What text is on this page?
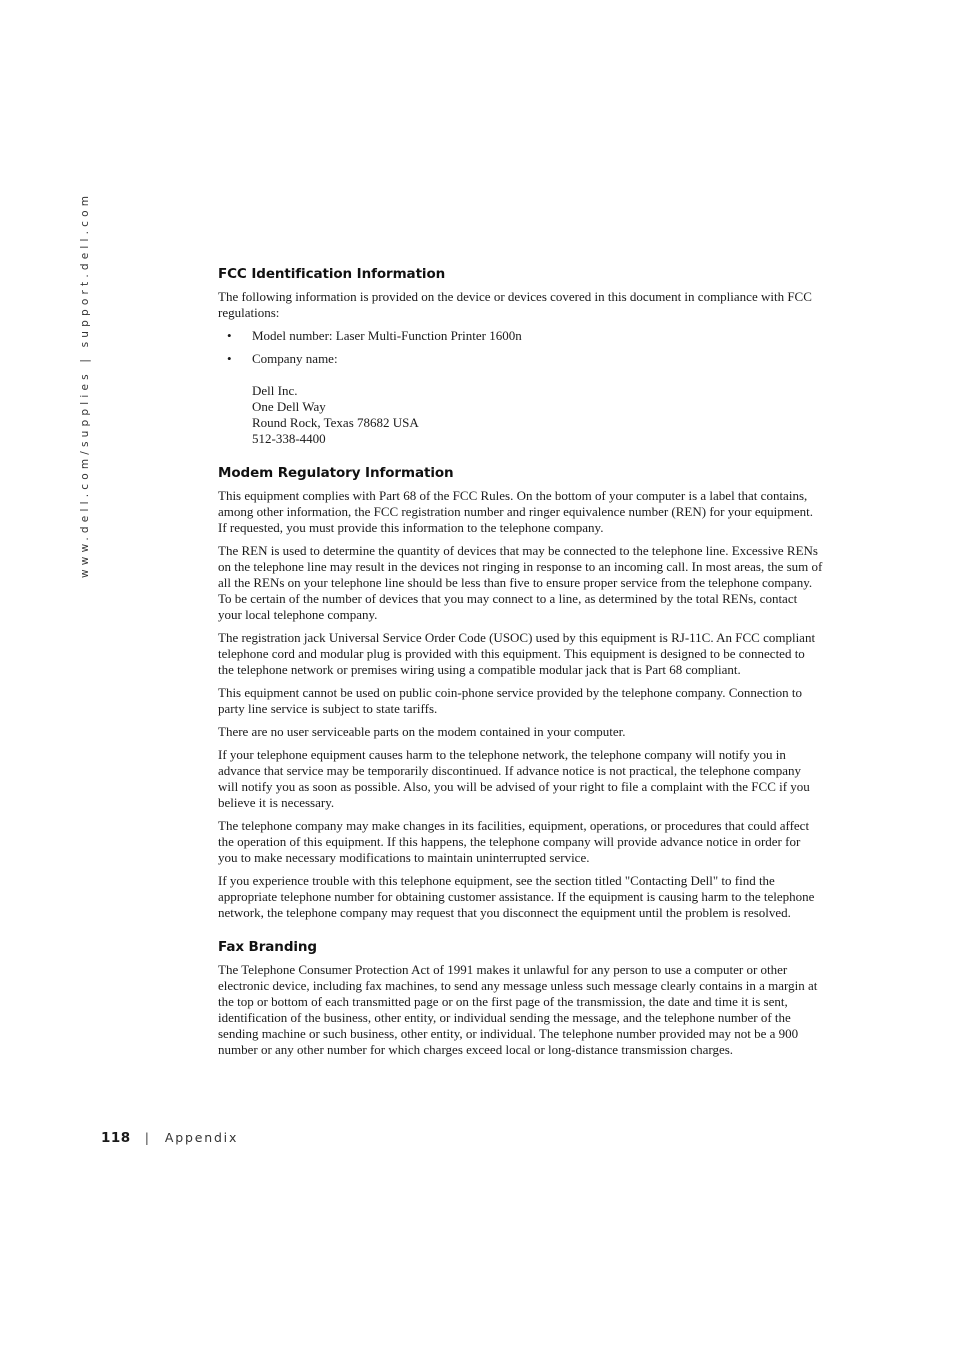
www.dell.com/supplies | support.dell.com	FCC Identification Information

The following information is provided on the device or devices covered in this document in compliance with FCC regulations:

• Model number: Laser Multi-Function Printer 1600n
• Company name:
Dell Inc.
One Dell Way
Round Rock, Texas 78682 USA
512-338-4400
Modem Regulatory Information

This equipment complies with Part 68 of the FCC Rules. On the bottom of your computer is a label that contains, among other information, the FCC registration number and ringer equivalence number (REN) for your equipment. If requested, you must provide this information to the telephone company.

The REN is used to determine the quantity of devices that may be connected to the telephone line. Excessive RENs on the telephone line may result in the devices not ringing in response to an incoming call. In most areas, the sum of all the RENs on your telephone line should be less than five to ensure proper service from the telephone company. To be certain of the number of devices that you may connect to a line, as determined by the total RENs, contact your local telephone company.

The registration jack Universal Service Order Code (USOC) used by this equipment is RJ-11C. An FCC compliant telephone cord and modular plug is provided with this equipment. This equipment is designed to be connected to the telephone network or premises wiring using a compatible modular jack that is Part 68 compliant.

This equipment cannot be used on public coin-phone service provided by the telephone company. Connection to party line service is subject to state tariffs.

There are no user serviceable parts on the modem contained in your computer.

If your telephone equipment causes harm to the telephone network, the telephone company will notify you in advance that service may be temporarily discontinued. If advance notice is not practical, the telephone company will notify you as soon as possible. Also, you will be advised of your right to file a complaint with the FCC if you believe it is necessary.

The telephone company may make changes in its facilities, equipment, operations, or procedures that could affect the operation of this equipment. If this happens, the telephone company will provide advance notice in order for you to make necessary modifications to maintain uninterrupted service.

If you experience trouble with this telephone equipment, see the section titled "Contacting Dell" to find the appropriate telephone number for obtaining customer assistance. If the equipment is causing harm to the telephone network, the telephone company may request that you disconnect the equipment until the problem is resolved.

Fax Branding

The Telephone Consumer Protection Act of 1991 makes it unlawful for any person to use a computer or other electronic device, including fax machines, to send any message unless such message clearly contains in a margin at the top or bottom of each transmitted page or on the first page of the transmission, the date and time it is sent, identification of the business, other entity, or individual sending the message, and the telephone number of the sending machine or such business, other entity, or individual. The telephone number provided may not be a 900 number or any other number for which charges exceed local or long-distance transmission charges.

118 | Appendix
